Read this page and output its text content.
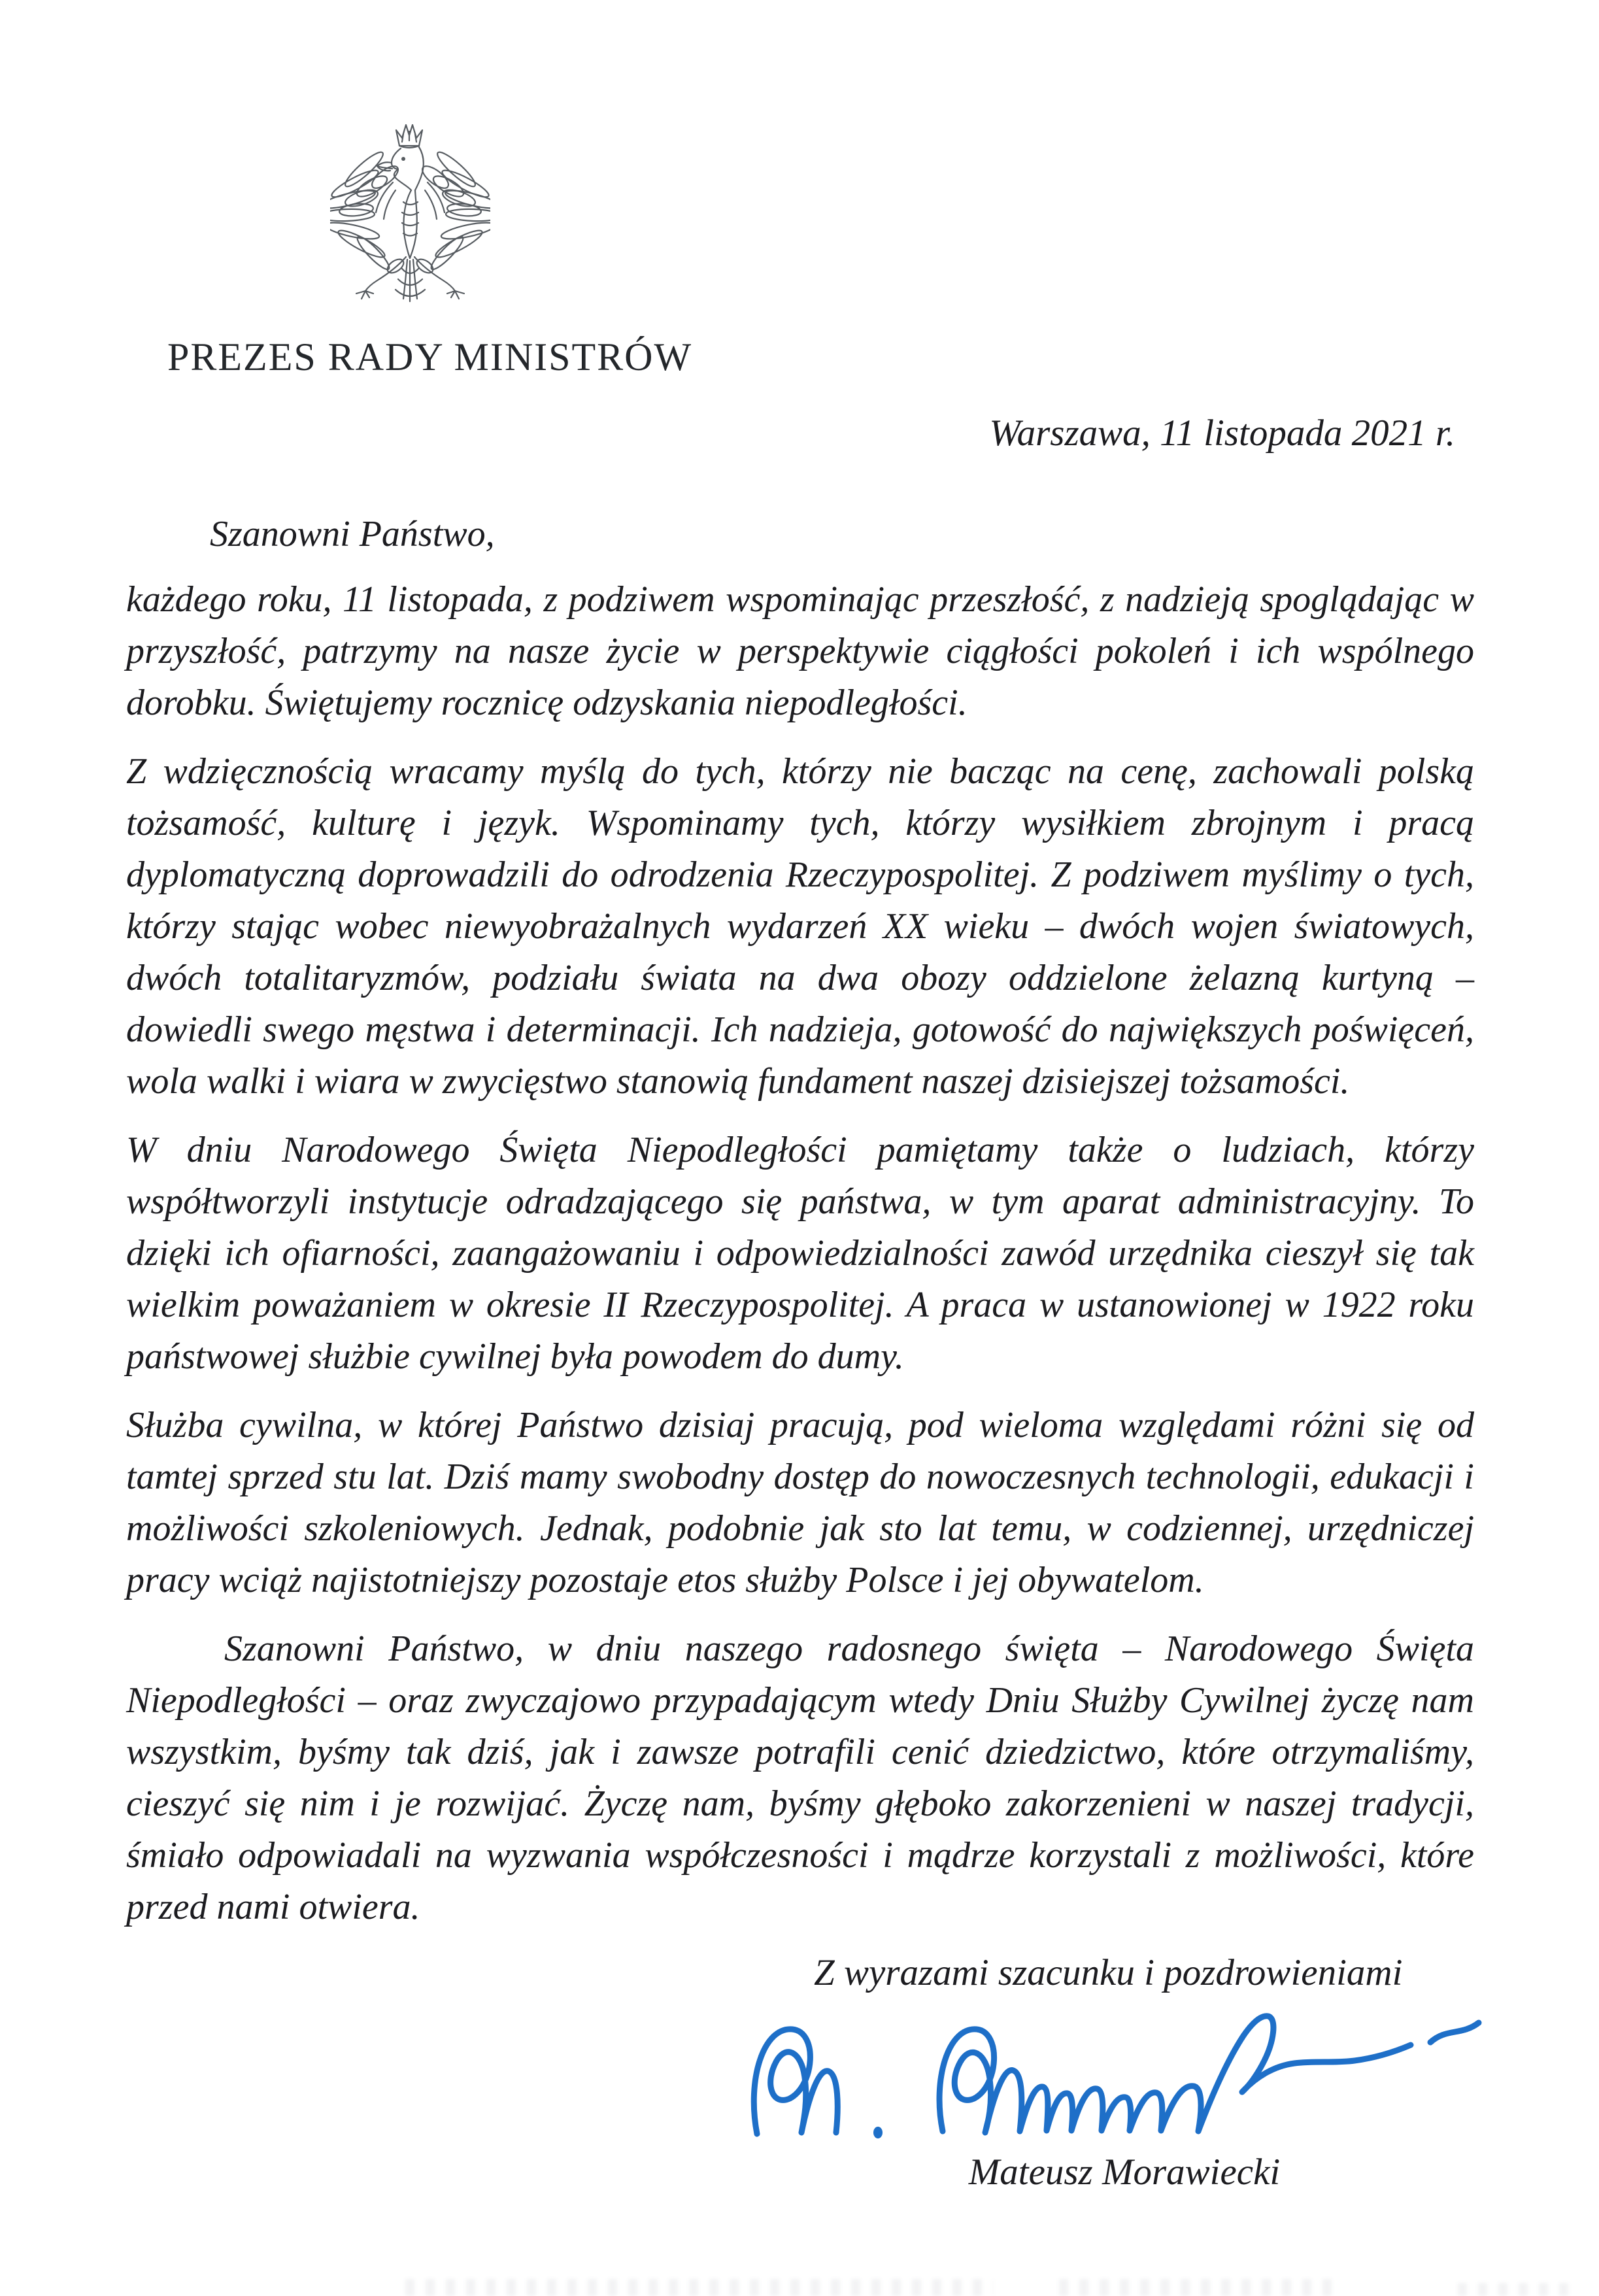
PREZES RADY MINISTRÓW
Warszawa, 11 listopada 2021 r.

Szanowni Państwo,

każdego roku, 11 listopada, z podziwem wspominając przeszłość, z nadzieją spoglądając w przyszłość, patrzymy na nasze życie w perspektywie ciągłości pokoleń i ich wspólnego dorobku. Świętujemy rocznicę odzyskania niepodległości.

Z wdzięcznością wracamy myślą do tych, którzy nie bacząc na cenę, zachowali polską tożsamość, kulturę i język. Wspominamy tych, którzy wysiłkiem zbrojnym i pracą dyplomatyczną doprowadzili do odrodzenia Rzeczypospolitej. Z podziwem myślimy o tych, którzy stając wobec niewyobrażalnych wydarzeń XX wieku – dwóch wojen światowych, dwóch totalitaryzmów, podziału świata na dwa obozy oddzielone żelazną kurtyną – dowiedli swego męstwa i determinacji. Ich nadzieja, gotowość do największych poświęceń, wola walki i wiara w zwycięstwo stanowią fundament naszej dzisiejszej tożsamości.

W dniu Narodowego Święta Niepodległości pamiętamy także o ludziach, którzy współtworzyli instytucje odradzającego się państwa, w tym aparat administracyjny. To dzięki ich ofiarności, zaangażowaniu i odpowiedzialności zawód urzędnika cieszył się tak wielkim poważaniem w okresie II Rzeczypospolitej. A praca w ustanowionej w 1922 roku państwowej służbie cywilnej była powodem do dumy.

Służba cywilna, w której Państwo dzisiaj pracują, pod wieloma względami różni się od tamtej sprzed stu lat. Dziś mamy swobodny dostęp do nowoczesnych technologii, edukacji i możliwości szkoleniowych. Jednak, podobnie jak sto lat temu, w codziennej, urzędniczej pracy wciąż najistotniejszy pozostaje etos służby Polsce i jej obywatelom.

Szanowni Państwo, w dniu naszego radosnego święta – Narodowego Święta Niepodległości – oraz zwyczajowo przypadającym wtedy Dniu Służby Cywilnej życzę nam wszystkim, byśmy tak dziś, jak i zawsze potrafili cenić dziedzictwo, które otrzymaliśmy, cieszyć się nim i je rozwijać. Życzę nam, byśmy głęboko zakorzenieni w naszej tradycji, śmiało odpowiadali na wyzwania współczesności i mądrze korzystali z możliwości, które przed nami otwiera.

Z wyrazami szacunku i pozdrowieniami
Mateusz Morawiecki
